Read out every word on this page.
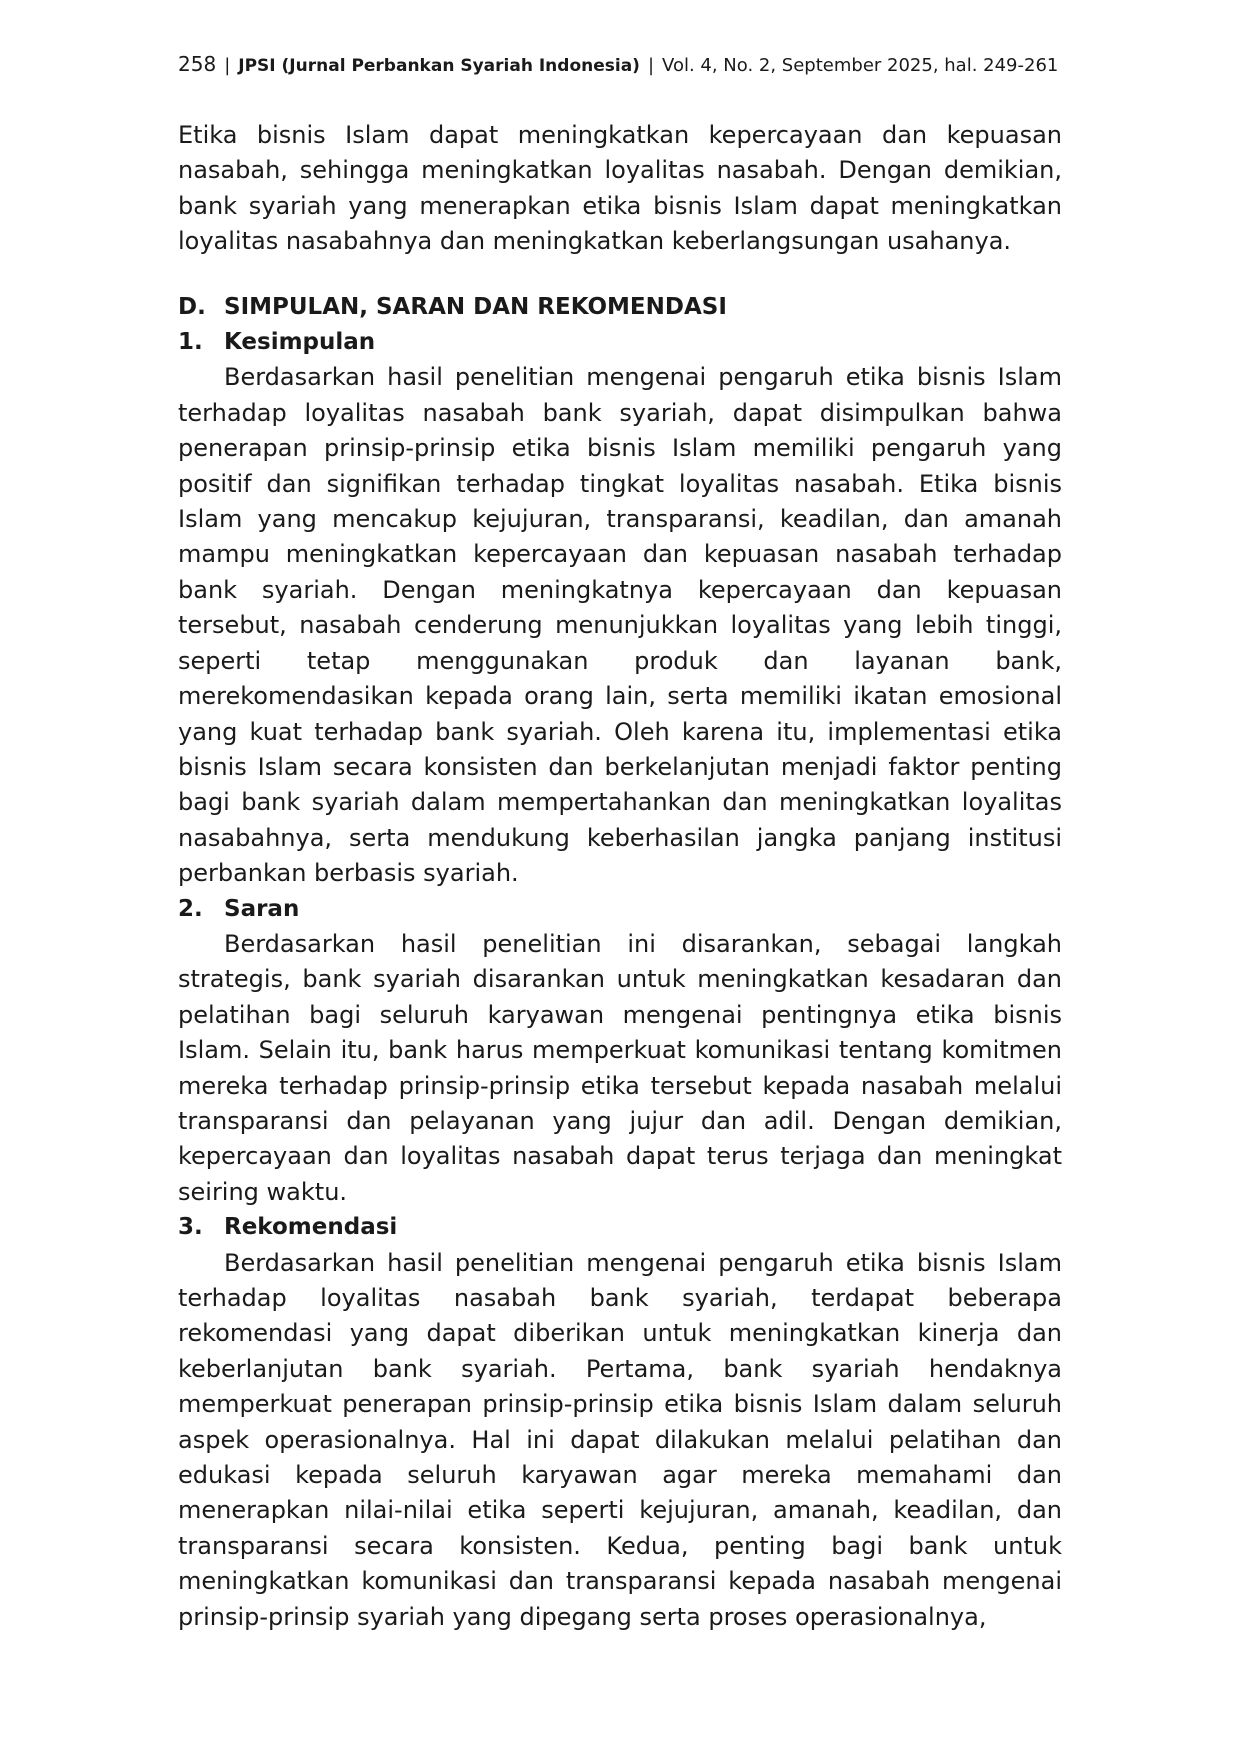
258 | JPSI (Jurnal Perbankan Syariah Indonesia) | Vol. 4, No. 2, September 2025, hal. 249-261

Etika bisnis Islam dapat meningkatkan kepercayaan dan kepuasan nasabah, sehingga meningkatkan loyalitas nasabah. Dengan demikian, bank syariah yang menerapkan etika bisnis Islam dapat meningkatkan loyalitas nasabahnya dan meningkatkan keberlangsungan usahanya.

D. SIMPULAN, SARAN DAN REKOMENDASI
1. Kesimpulan

Berdasarkan hasil penelitian mengenai pengaruh etika bisnis Islam terhadap loyalitas nasabah bank syariah, dapat disimpulkan bahwa penerapan prinsip-prinsip etika bisnis Islam memiliki pengaruh yang positif dan signifikan terhadap tingkat loyalitas nasabah. Etika bisnis Islam yang mencakup kejujuran, transparansi, keadilan, dan amanah mampu meningkatkan kepercayaan dan kepuasan nasabah terhadap bank syariah. Dengan meningkatnya kepercayaan dan kepuasan tersebut, nasabah cenderung menunjukkan loyalitas yang lebih tinggi, seperti tetap menggunakan produk dan layanan bank, merekomendasikan kepada orang lain, serta memiliki ikatan emosional yang kuat terhadap bank syariah. Oleh karena itu, implementasi etika bisnis Islam secara konsisten dan berkelanjutan menjadi faktor penting bagi bank syariah dalam mempertahankan dan meningkatkan loyalitas nasabahnya, serta mendukung keberhasilan jangka panjang institusi perbankan berbasis syariah.

2. Saran

Berdasarkan hasil penelitian ini disarankan, sebagai langkah strategis, bank syariah disarankan untuk meningkatkan kesadaran dan pelatihan bagi seluruh karyawan mengenai pentingnya etika bisnis Islam. Selain itu, bank harus memperkuat komunikasi tentang komitmen mereka terhadap prinsip-prinsip etika tersebut kepada nasabah melalui transparansi dan pelayanan yang jujur dan adil. Dengan demikian, kepercayaan dan loyalitas nasabah dapat terus terjaga dan meningkat seiring waktu.

3. Rekomendasi

Berdasarkan hasil penelitian mengenai pengaruh etika bisnis Islam terhadap loyalitas nasabah bank syariah, terdapat beberapa rekomendasi yang dapat diberikan untuk meningkatkan kinerja dan keberlanjutan bank syariah. Pertama, bank syariah hendaknya memperkuat penerapan prinsip-prinsip etika bisnis Islam dalam seluruh aspek operasionalnya. Hal ini dapat dilakukan melalui pelatihan dan edukasi kepada seluruh karyawan agar mereka memahami dan menerapkan nilai-nilai etika seperti kejujuran, amanah, keadilan, dan transparansi secara konsisten. Kedua, penting bagi bank untuk meningkatkan komunikasi dan transparansi kepada nasabah mengenai prinsip-prinsip syariah yang dipegang serta proses operasionalnya,
